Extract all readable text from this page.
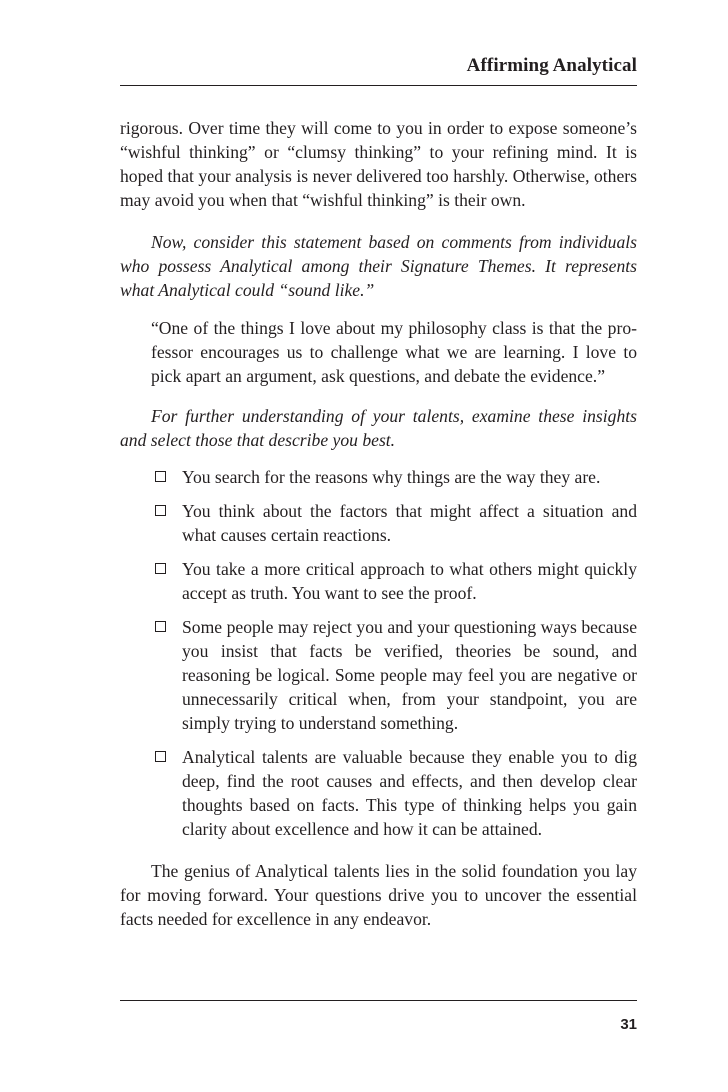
Affirming Analytical

rigorous. Over time they will come to you in order to expose someone’s “wishful thinking” or “clumsy thinking” to your refining mind. It is hoped that your analysis is never delivered too harshly. Otherwise, others may avoid you when that “wishful thinking” is their own.

Now, consider this statement based on comments from individuals who possess Analytical among their Signature Themes. It represents what Analytical could “sound like.”

“One of the things I love about my philosophy class is that the professor encourages us to challenge what we are learning. I love to pick apart an argument, ask questions, and debate the evidence.”

For further understanding of your talents, examine these insights and select those that describe you best.

You search for the reasons why things are the way they are.
You think about the factors that might affect a situation and what causes certain reactions.
You take a more critical approach to what others might quickly accept as truth. You want to see the proof.
Some people may reject you and your questioning ways because you insist that facts be verified, theories be sound, and reasoning be logical. Some people may feel you are negative or unnecessarily critical when, from your standpoint, you are simply trying to understand something.
Analytical talents are valuable because they enable you to dig deep, find the root causes and effects, and then develop clear thoughts based on facts. This type of thinking helps you gain clarity about excellence and how it can be attained.

The genius of Analytical talents lies in the solid foundation you lay for moving forward. Your questions drive you to uncover the essential facts needed for excellence in any endeavor.

31
